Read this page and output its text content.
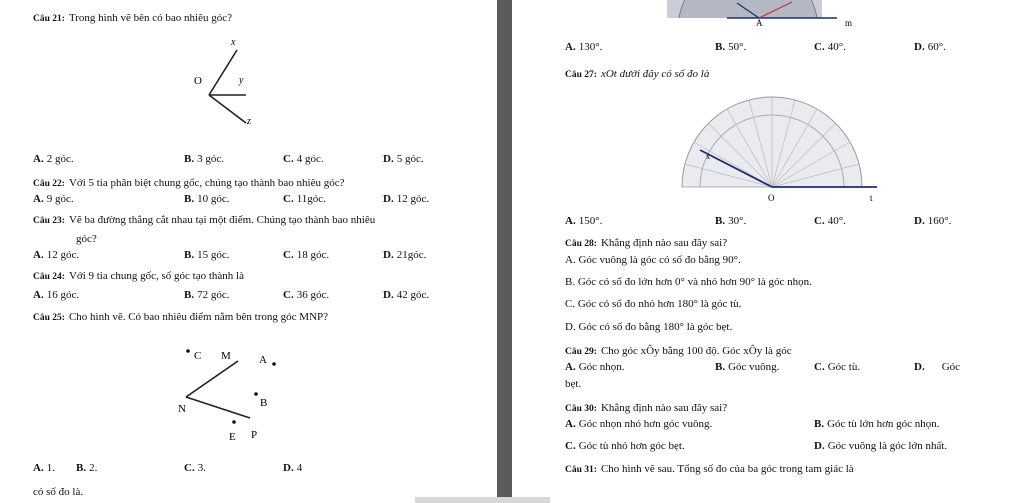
Câu 21: Trong hình vẽ bên có bao nhiêu góc?
x
O	y
z
A. 2 góc.	B. 3 góc.	C. 4 góc.	D. 5 góc.
Câu 22: Với 5 tia phân biệt chung gốc, chúng tạo thành bao nhiêu góc?
A. 9 góc.	B. 10 góc.	C. 11góc.	D. 12 góc.
Câu 23: Vẽ ba đường thẳng cắt nhau tại một điểm. Chúng tạo thành bao nhiêu
góc?
A. 12 góc.	B. 15 góc.	C. 18 góc.	D. 21góc.
Câu 24: Với 9 tia chung gốc, số góc tạo thành là
A. 16 góc.	B. 72 góc.	C. 36 góc.	D. 42 góc.
Câu 25: Cho hình vẽ. Có bao nhiêu điểm nằm bên trong góc MNP?
C M	A
N	B
E P
A. 1. B. 2.	C. 3.	D. 4
có số đo là.
A	m
A. 130°.	B. 50°.	C. 40°.	D. 60°.
Câu 27: xOt dưới đây có số đo là
O	t
x
A. 150°.	B. 30°.	C. 40°.	D. 160°.
Câu 28: Khẳng định nào sau đây sai?
A. Góc vuông là góc có số đo bằng 90°.
B. Góc có số đo lớn hơn 0° và nhỏ hơn 90° là góc nhọn.
C. Góc có số đo nhỏ hơn 180° là góc tù.
D. Góc có số đo bằng 180° là góc bẹt.
Câu 29: Cho góc xÔy bằng 100 độ. Góc xÔy là góc
A. Góc nhọn.	B. Góc vuông.	C. Góc tù.	D. Góc
bẹt.
Câu 30: Khẳng định nào sau đây sai?
A. Góc nhọn nhỏ hơn góc vuông.	B. Góc tù lớn hơn góc nhọn.
C. Góc tù nhỏ hơn góc bẹt.	D. Góc vuông là góc lớn nhất.
Câu 31: Cho hình vẽ sau. Tổng số đo của ba góc trong tam giác là
